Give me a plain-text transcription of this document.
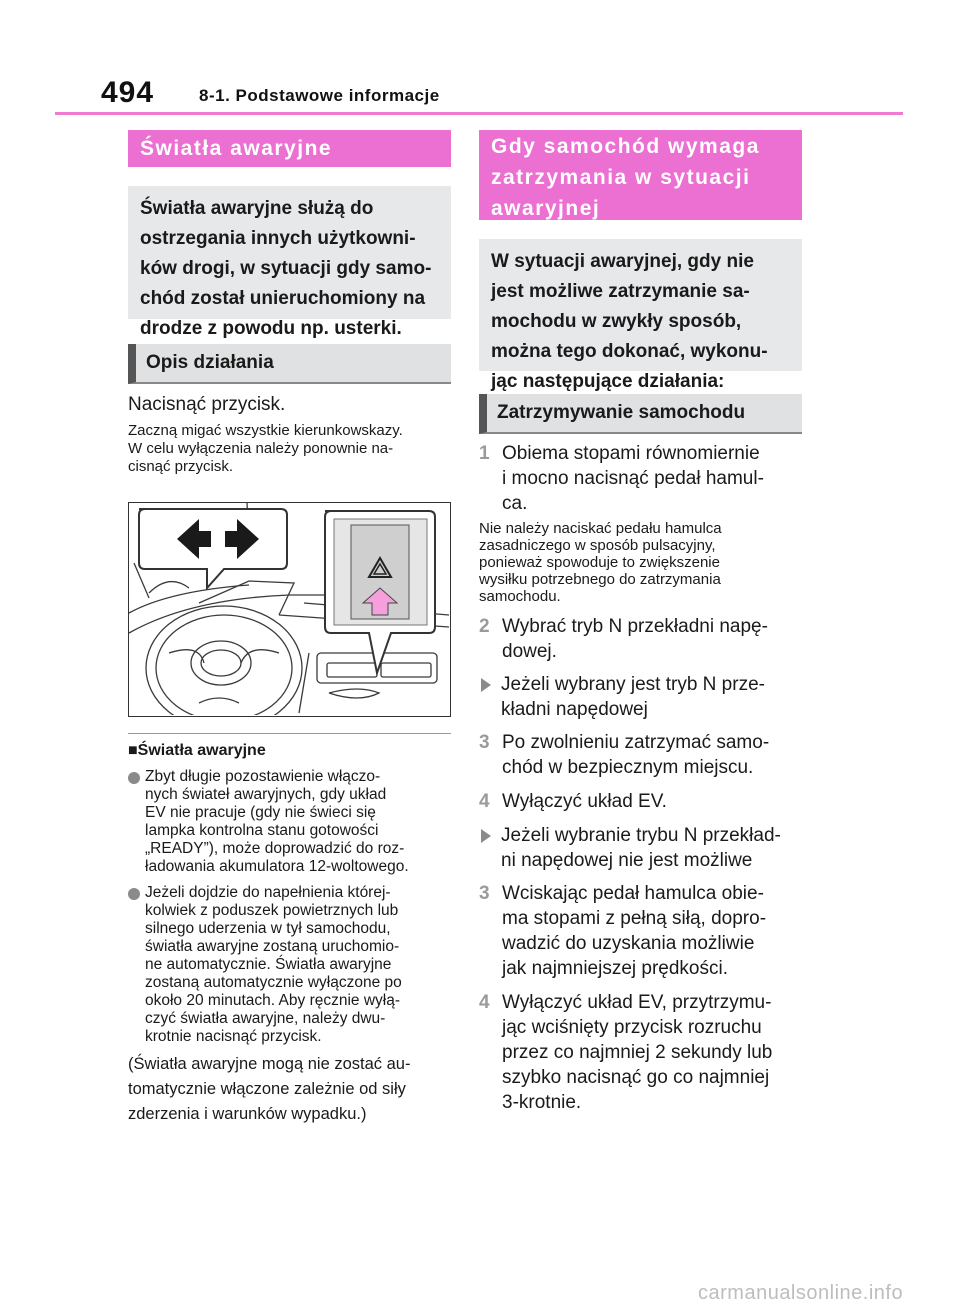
494	8-1. Podstawowe informacje
Światła awaryjne
Światła awaryjne służą do
ostrzegania innych użytkowni-
ków drogi, w sytuacji gdy samo-
chód został unieruchomiony na
drodze z powodu np. usterki.
Opis działania
Nacisnąć przycisk.
Zaczną migać wszystkie kierunkowskazy.
W celu wyłączenia należy ponownie na-
cisnąć przycisk.
■Światła awaryjne
Zbyt długie pozostawienie włączo-
nych świateł awaryjnych, gdy układ
EV nie pracuje (gdy nie świeci się
lampka kontrolna stanu gotowości
„READY”), może doprowadzić do roz-
ładowania akumulatora 12-woltowego.
Jeżeli dojdzie do napełnienia której-
kolwiek z poduszek powietrznych lub
silnego uderzenia w tył samochodu,
światła awaryjne zostaną uruchomio-
ne automatycznie. Światła awaryjne
zostaną automatycznie wyłączone po
około 20 minutach. Aby ręcznie wyłą-
czyć światła awaryjne, należy dwu-
krotnie nacisnąć przycisk.
(Światła awaryjne mogą nie zostać au-
tomatycznie włączone zależnie od siły
zderzenia i warunków wypadku.)
Gdy samochód wymaga
zatrzymania w sytuacji
awaryjnej
W sytuacji awaryjnej, gdy nie
jest możliwe zatrzymanie sa-
mochodu w zwykły sposób,
można tego dokonać, wykonu-
jąc następujące działania:
Zatrzymywanie samochodu
1 Obiema stopami równomiernie
i mocno nacisnąć pedał hamul-
ca.
Nie należy naciskać pedału hamulca
zasadniczego w sposób pulsacyjny,
ponieważ spowoduje to zwiększenie
wysiłku potrzebnego do zatrzymania
samochodu.
2 Wybrać tryb N przekładni napę-
dowej.
Jeżeli wybrany jest tryb N prze-
kładni napędowej
3 Po zwolnieniu zatrzymać samo-
chód w bezpiecznym miejscu.
4 Wyłączyć układ EV.
Jeżeli wybranie trybu N przekład-
ni napędowej nie jest możliwe
3 Wciskając pedał hamulca obie-
ma stopami z pełną siłą, dopro-
wadzić do uzyskania możliwie
jak najmniejszej prędkości.
4 Wyłączyć układ EV, przytrzymu-
jąc wciśnięty przycisk rozruchu
przez co najmniej 2 sekundy lub
szybko nacisnąć go co najmniej
3-krotnie.
carmanualsonline.info
